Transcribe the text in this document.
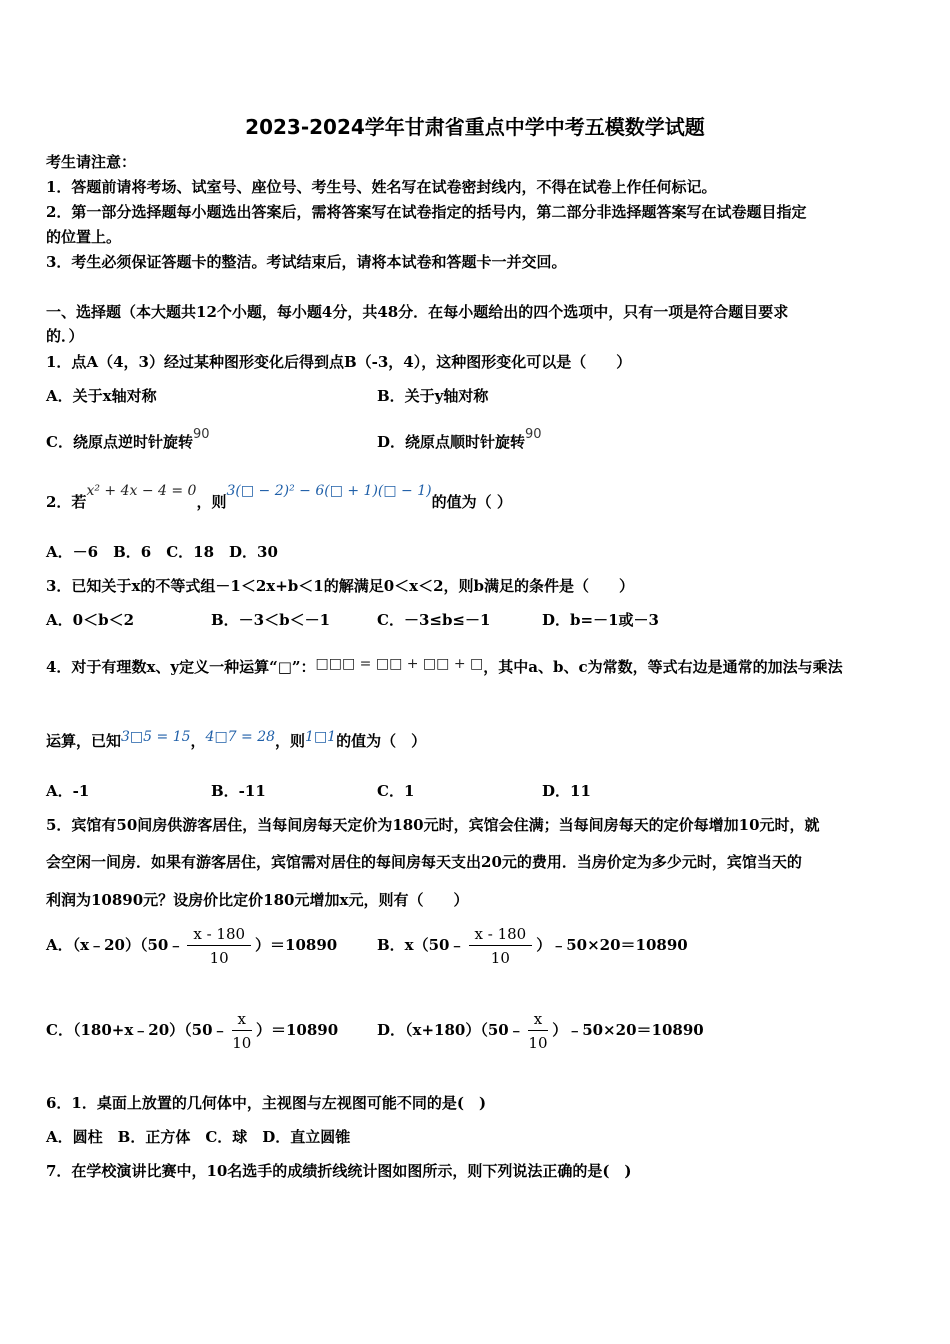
2023-2024学年甘肃省重点中学中考五模数学试题
考生请注意：
1．答题前请将考场、试室号、座位号、考生号、姓名写在试卷密封线内，不得在试卷上作任何标记。
2．第一部分选择题每小题选出答案后，需将答案写在试卷指定的括号内，第二部分非选择题答案写在试卷题目指定
的位置上。
3．考生必须保证答题卡的整洁。考试结束后，请将本试卷和答题卡一并交回。
一、选择题（本大题共12个小题，每小题4分，共48分．在每小题给出的四个选项中，只有一项是符合题目要求
的．）
1．点A（4，3）经过某种图形变化后得到点B（-3，4），这种图形变化可以是（　　）
A．关于x轴对称	B．关于y轴对称
C．绕原点逆时针旋转90	D．绕原点顺时针旋转90
2．若x² + 4x − 4 = 0，则3(□ − 2)² − 6(□ + 1)(□ − 1)的值为（ ）
A．－6　B．6　C．18　D．30
3．已知关于x的不等式组－1＜2x+b＜1的解满足0＜x＜2，则b满足的条件是（　　）
A．0＜b＜2	B．－3＜b＜－1	C．－3≤b≤－1	D．b=－1或－3
4．对于有理数x、y定义一种运算“□”：□□□ = □□ + □□ + □，其中a、b、c为常数，等式右边是通常的加法与乘法
运算，已知3□5 = 15，4□7 = 28，则1□1的值为（　）
A．-1	B．-11	C．1	D．11
5．宾馆有50间房供游客居住，当每间房每天定价为180元时，宾馆会住满；当每间房每天的定价每增加10元时，就
会空闲一间房．如果有游客居住，宾馆需对居住的每间房每天支出20元的费用．当房价定为多少元时，宾馆当天的
利润为10890元？设房价比定价180元增加x元，则有（　　）
A．（x﹣20）（50﹣ $\frac{x - 180}{10} )=10890$	B．x（50﹣ $\frac{x - 180}{10}$ ）﹣50×20＝10890
C．（180+x﹣20）（50﹣ $\frac{x}{10} )=10890$	D．（x+180）（50﹣ $\frac{x}{10}$ ）﹣50×20＝10890
6．1．桌面上放置的几何体中，主视图与左视图可能不同的是(　)
A．圆柱　B．正方体　C．球　D．直立圆锥
7．在学校演讲比赛中，10名选手的成绩折线统计图如图所示，则下列说法正确的是(　)
